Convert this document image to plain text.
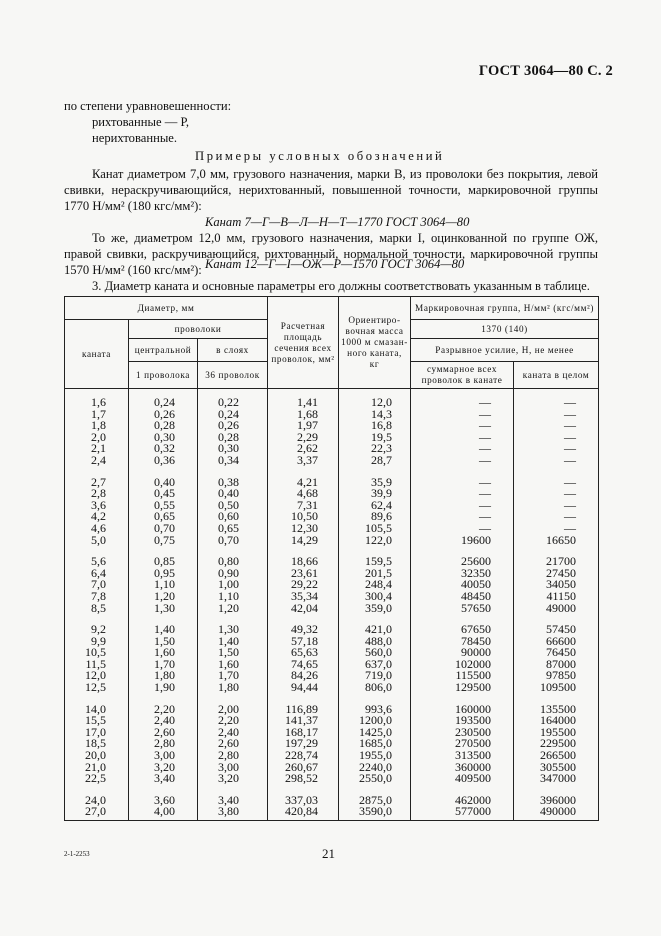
ГОСТ 3064—80 С. 2
по степени уравновешенности:
рихтованные — Р,
нерихтованные.
Примеры условных обозначений
Канат диаметром 7,0 мм, грузового назначения, марки В, из проволоки без покрытия, левой
свивки, нераскручивающийся, нерихтованный, повышенной точности, маркировочной группы
1770 Н/мм² (180 кгс/мм²):
Канат 7—Г—В—Л—Н—Т—1770 ГОСТ 3064—80
То же, диаметром 12,0 мм, грузового назначения, марки I, оцинкованной по группе ОЖ,
правой свивки, раскручивающийся, рихтованный, нормальной точности, маркировочной группы
1570 Н/мм² (160 кгс/мм²): Канат 12—Г—I—ОЖ—Р—1570 ГОСТ 3064—80
3. Диаметр каната и основные параметры его должны соответствовать указанным в таблице.
Диаметр, мм			Расчетная площадь сечения всех проволок, мм²	Ориентиро-вочная масса 1000 м смазан-ного каната, кг	Маркировочная группа, Н/мм² (кгс/мм²)	
каната	проволоки				1370 (140)	
	центральной	в слоях			Разрывное усилие, Н, не менее	
	1 проволока	36 проволок			суммарное всех проволок в канате	каната в целом
1,6	0,24	0,22	1,41	12,0	—	—
1,7	0,26	0,24	1,68	14,3	—	—
1,8	0,28	0,26	1,97	16,8	—	—
2,0	0,30	0,28	2,29	19,5	—	—
2,1	0,32	0,30	2,62	22,3	—	—
2,4	0,36	0,34	3,37	28,7	—	—
2,7	0,40	0,38	4,21	35,9	—	—
2,8	0,45	0,40	4,68	39,9	—	—
3,6	0,55	0,50	7,31	62,4	—	—
4,2	0,65	0,60	10,50	89,6	—	—
4,6	0,70	0,65	12,30	105,5	—	—
5,0	0,75	0,70	14,29	122,0	19600	16650
5,6	0,85	0,80	18,66	159,5	25600	21700
6,4	0,95	0,90	23,61	201,5	32350	27450
7,0	1,10	1,00	29,22	248,4	40050	34050
7,8	1,20	1,10	35,34	300,4	48450	41150
8,5	1,30	1,20	42,04	359,0	57650	49000
9,2	1,40	1,30	49,32	421,0	67650	57450
9,9	1,50	1,40	57,18	488,0	78450	66600
10,5	1,60	1,50	65,63	560,0	90000	76450
11,5	1,70	1,60	74,65	637,0	102000	87000
12,0	1,80	1,70	84,26	719,0	115500	97850
12,5	1,90	1,80	94,44	806,0	129500	109500
14,0	2,20	2,00	116,89	993,6	160000	135500
15,5	2,40	2,20	141,37	1200,0	193500	164000
17,0	2,60	2,40	168,17	1425,0	230500	195500
18,5	2,80	2,60	197,29	1685,0	270500	229500
20,0	3,00	2,80	228,74	1955,0	313500	266500
21,0	3,20	3,00	260,67	2240,0	360000	305500
22,5	3,40	3,20	298,52	2550,0	409500	347000
24,0	3,60	3,40	337,03	2875,0	462000	396000
27,0	4,00	3,80	420,84	3590,0	577000	490000
2-1-2253	21
